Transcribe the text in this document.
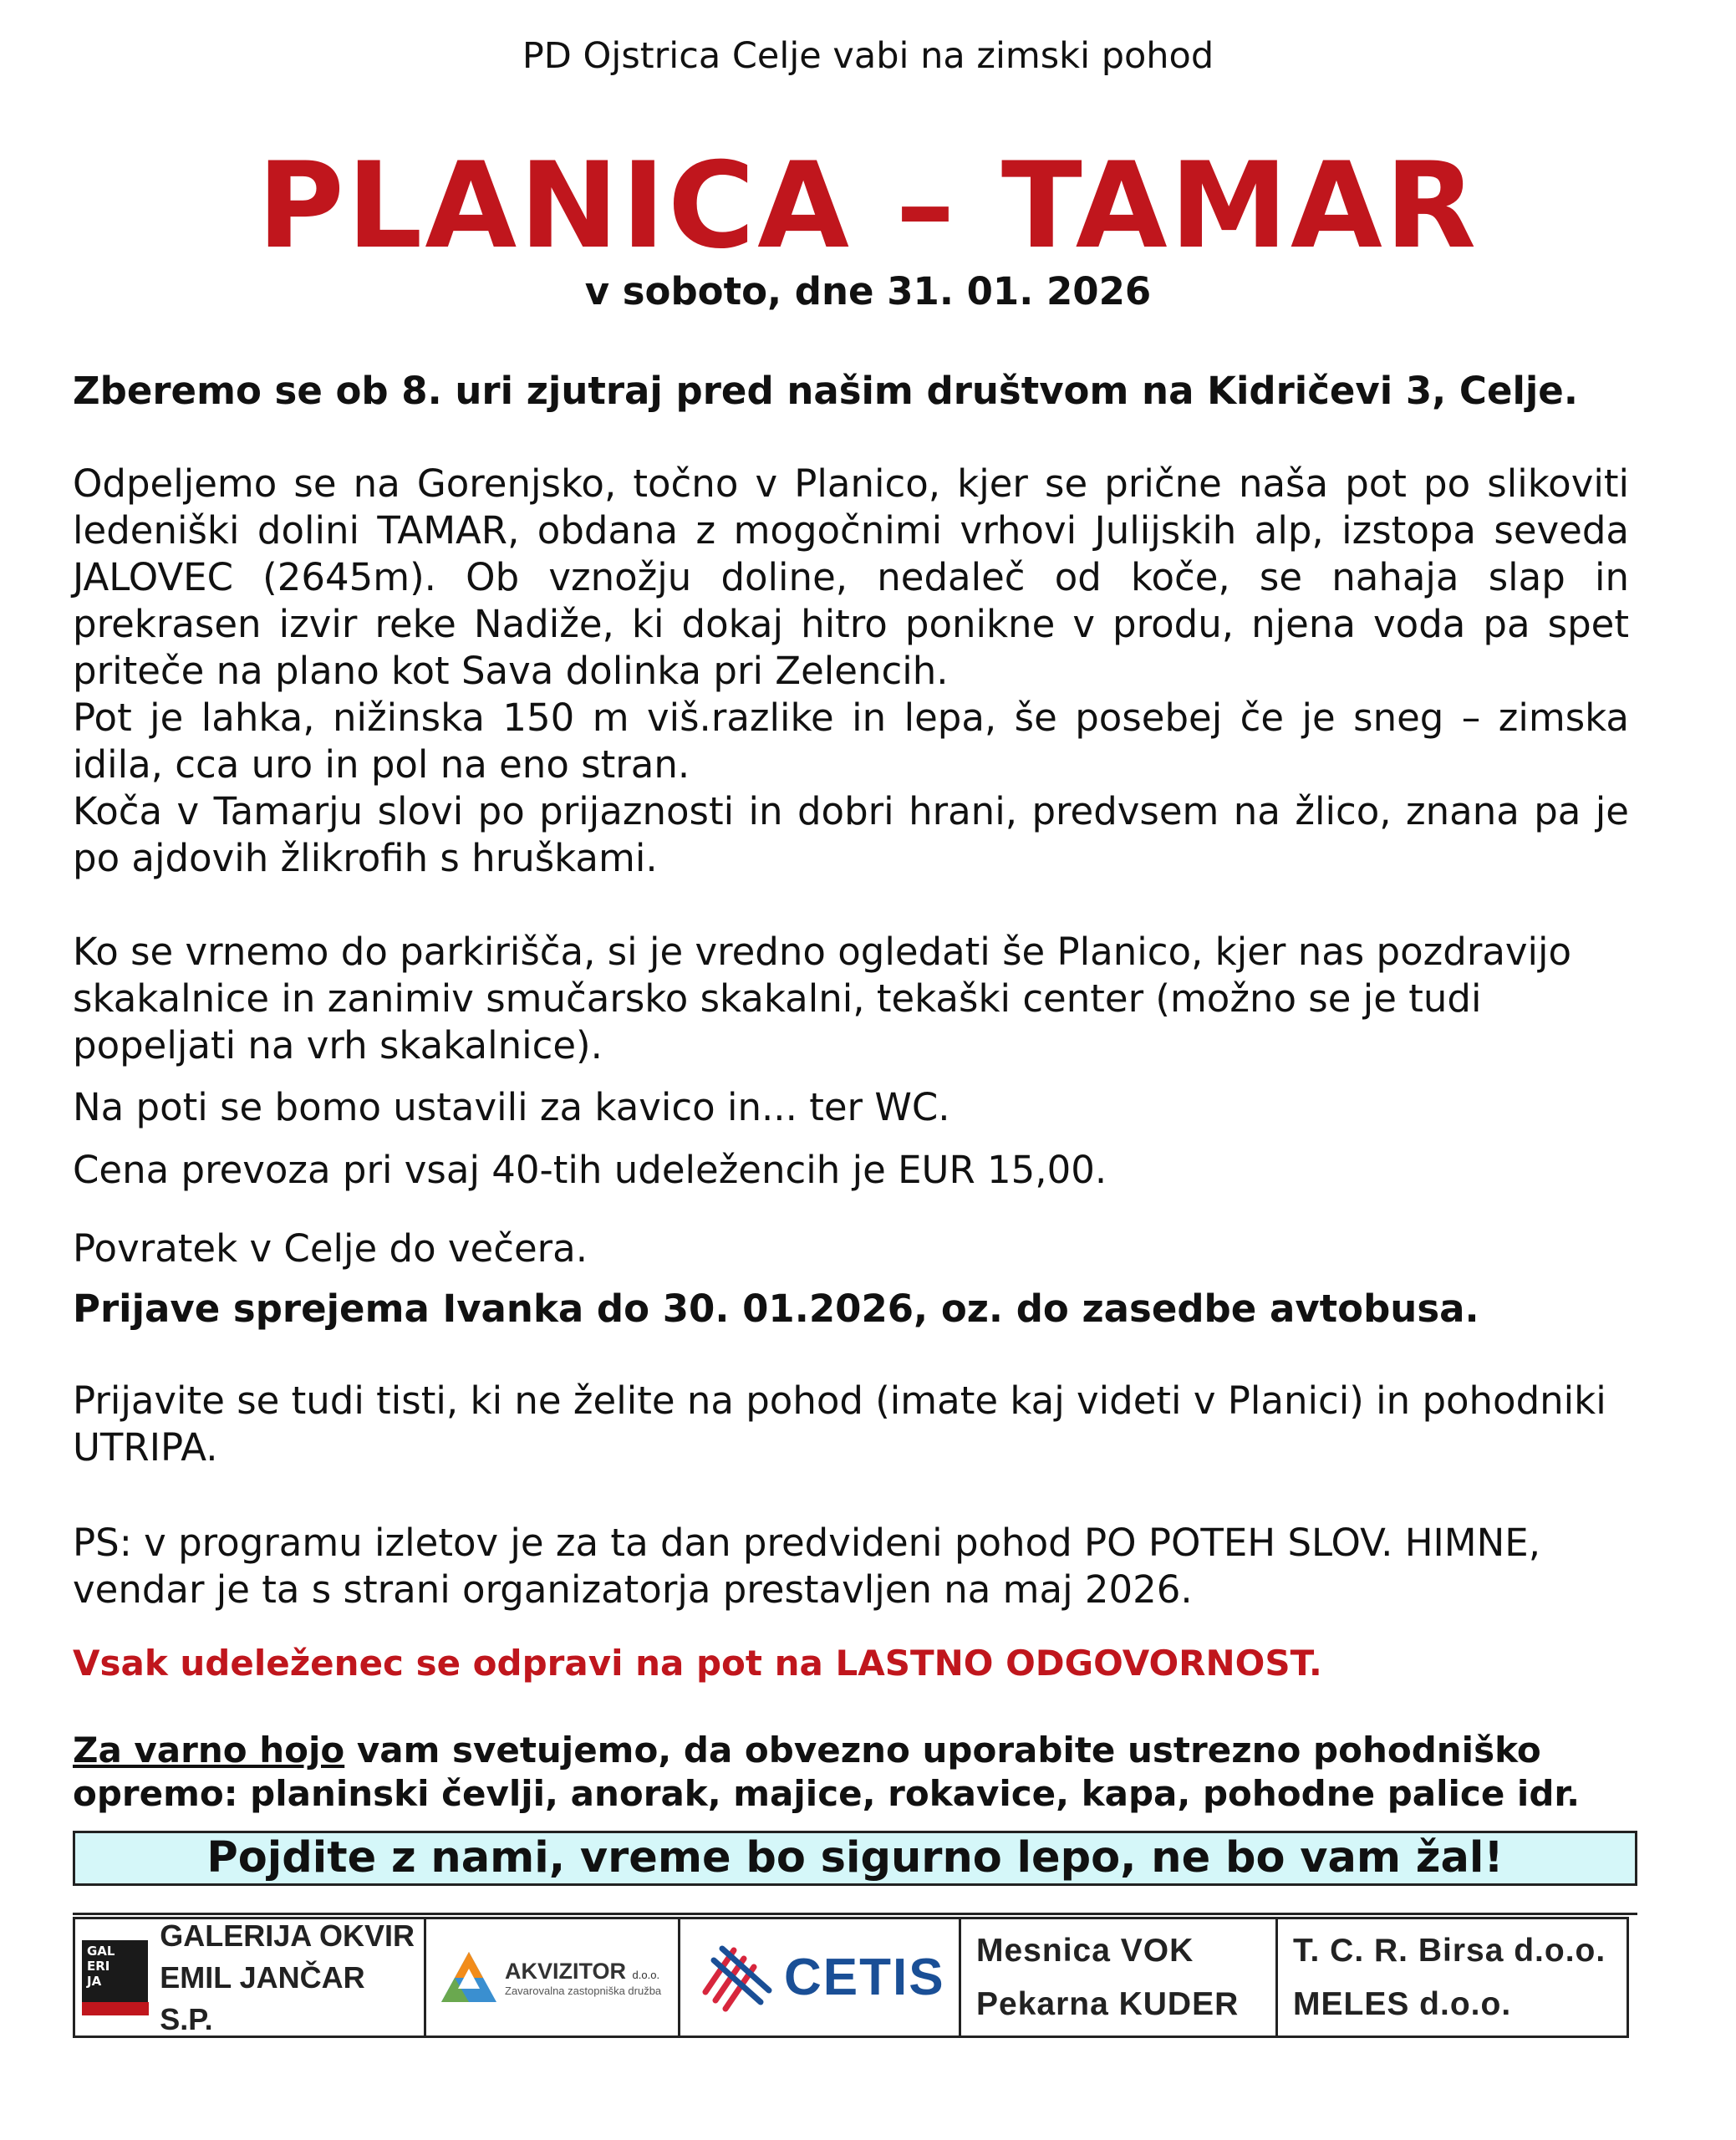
PD Ojstrica Celje vabi na zimski pohod
PLANICA – TAMAR
v soboto, dne 31. 01. 2026
Zberemo se ob 8. uri zjutraj pred našim društvom na Kidričevi 3, Celje.
Odpeljemo se na Gorenjsko, točno v Planico, kjer se prične naša pot po slikoviti ledeniški dolini TAMAR, obdana z mogočnimi vrhovi Julijskih alp, izstopa seveda JALOVEC (2645m). Ob vznožju doline, nedaleč od koče, se nahaja slap in prekrasen izvir reke Nadiže, ki dokaj hitro ponikne v produ, njena voda pa spet priteče na plano kot Sava dolinka pri Zelencih.
Pot je lahka, nižinska 150 m viš.razlike in lepa, še posebej če je sneg – zimska idila, cca uro in pol na eno stran.
Koča v Tamarju slovi po prijaznosti in dobri hrani, predvsem na žlico, znana pa je po ajdovih žlikrofih s hruškami.
Ko se vrnemo do parkirišča, si je vredno ogledati še Planico, kjer nas pozdravijo skakalnice in zanimiv smučarsko skakalni, tekaški center (možno se je tudi popeljati na vrh skakalnice).
Na poti se bomo ustavili za kavico in... ter WC.
Cena prevoza pri vsaj 40-tih udeležencih je EUR 15,00.
Povratek v Celje do večera.
Prijave sprejema Ivanka do 30. 01.2026, oz. do zasedbe avtobusa.
Prijavite se tudi tisti, ki ne želite na pohod (imate kaj videti v Planici) in pohodniki UTRIPA.
PS: v programu izletov je za ta dan predvideni pohod PO POTEH SLOV. HIMNE, vendar je ta s strani organizatorja prestavljen na maj 2026.
Vsak udeleženec se odpravi na pot na LASTNO ODGOVORNOST.
Za varno hojo vam svetujemo, da obvezno uporabite ustrezno pohodniško opremo: planinski čevlji, anorak, majice, rokavice, kapa, pohodne palice idr.
Pojdite z nami, vreme bo sigurno lepo, ne bo vam žal!
GAL
ERI
JA
GALERIJA OKVIR
EMIL JANČAR S.P.
AKVIZITOR d.o.o.
Zavarovalna zastopniška družba CETIS Mesnica VOK
Pekarna KUDER
T. C. R. Birsa d.o.o.
MELES d.o.o.
